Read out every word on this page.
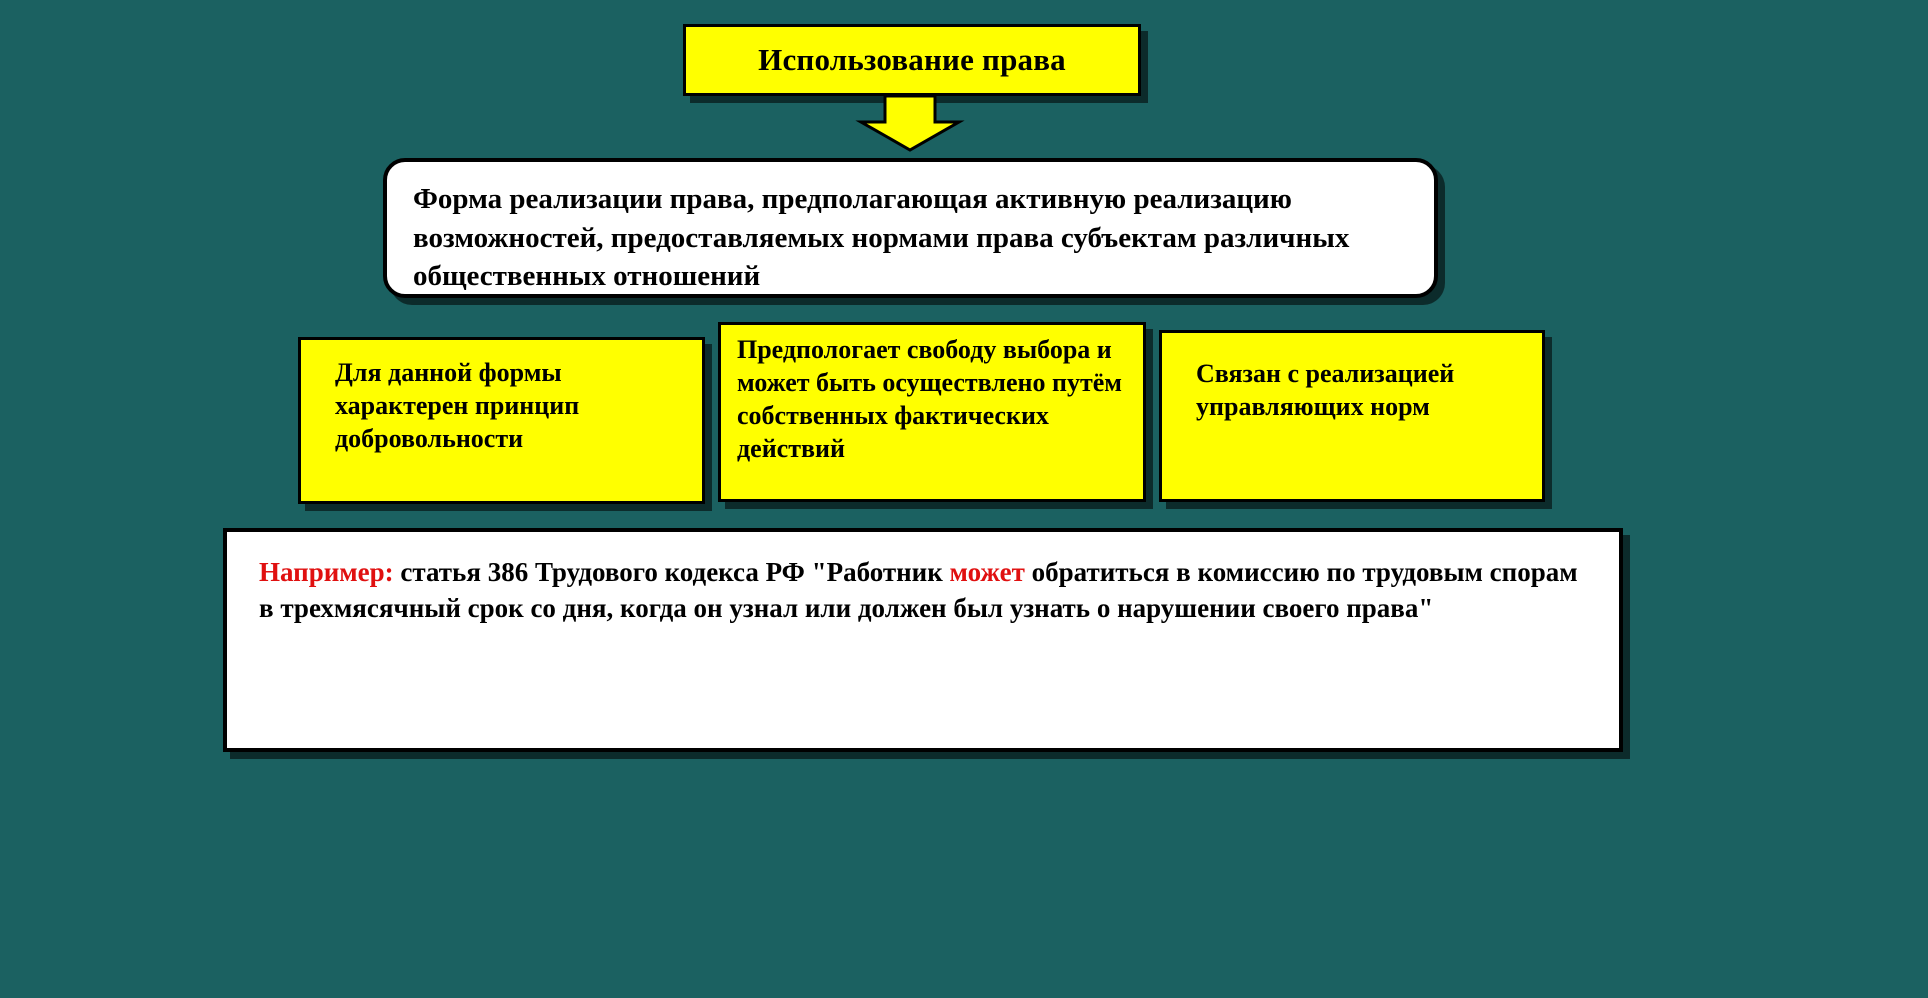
Использование права
Форма реализации права, предполагающая активную реализацию возможностей, предоставляемых нормами права субъектам различных общественных отношений
Для данной формы характерен принцип добровольности
Предпологает свободу выбора и может быть осуществлено путём собственных фактических действий
Связан с реализацией управляющих норм
Например: статья 386 Трудового кодекса РФ "Работник может обратиться в комиссию по трудовым спорам в трехмясячный срок со дня, когда он узнал или должен был узнать о нарушении своего права"
